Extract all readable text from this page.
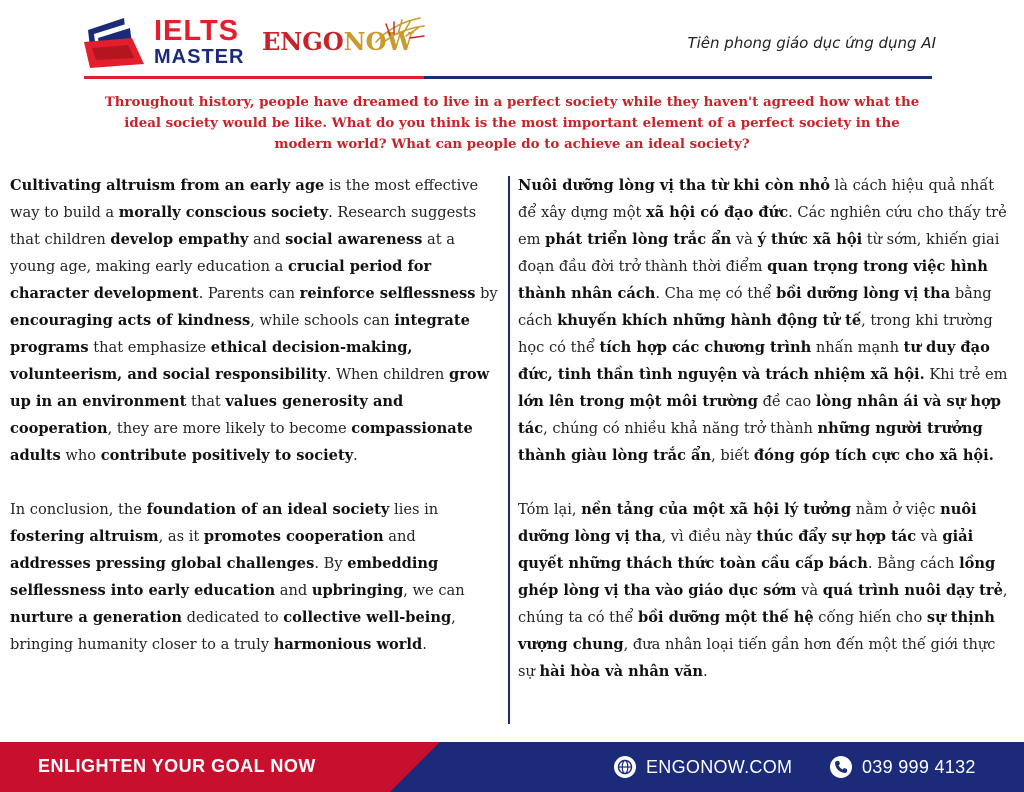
IELTS
MASTER
ENGONOW	Tiên phong giáo dục ứng dụng AI
Throughout history, people have dreamed to live in a perfect society while they haven't agreed how what the ideal society would be like. What do you think is the most important element of a perfect society in the modern world? What can people do to achieve an ideal society?

Cultivating altruism from an early age is the most effective way to build a morally conscious society. Research suggests that children develop empathy and social awareness at a young age, making early education a crucial period for character development. Parents can reinforce selflessness by encouraging acts of kindness, while schools can integrate programs that emphasize ethical decision-making, volunteerism, and social responsibility. When children grow up in an environment that values generosity and cooperation, they are more likely to become compassionate adults who contribute positively to society.

In conclusion, the foundation of an ideal society lies in fostering altruism, as it promotes cooperation and addresses pressing global challenges. By embedding selflessness into early education and upbringing, we can nurture a generation dedicated to collective well-being, bringing humanity closer to a truly harmonious world.

Nuôi dưỡng lòng vị tha từ khi còn nhỏ là cách hiệu quả nhất để xây dựng một xã hội có đạo đức. Các nghiên cứu cho thấy trẻ em phát triển lòng trắc ẩn và ý thức xã hội từ sớm, khiến giai đoạn đầu đời trở thành thời điểm quan trọng trong việc hình thành nhân cách. Cha mẹ có thể bồi dưỡng lòng vị tha bằng cách khuyến khích những hành động tử tế, trong khi trường học có thể tích hợp các chương trình nhấn mạnh tư duy đạo đức, tinh thần tình nguyện và trách nhiệm xã hội. Khi trẻ em lớn lên trong một môi trường đề cao lòng nhân ái và sự hợp tác, chúng có nhiều khả năng trở thành những người trưởng thành giàu lòng trắc ẩn, biết đóng góp tích cực cho xã hội.

Tóm lại, nền tảng của một xã hội lý tưởng nằm ở việc nuôi dưỡng lòng vị tha, vì điều này thúc đẩy sự hợp tác và giải quyết những thách thức toàn cầu cấp bách. Bằng cách lồng ghép lòng vị tha vào giáo dục sớm và quá trình nuôi dạy trẻ, chúng ta có thể bồi dưỡng một thế hệ cống hiến cho sự thịnh vượng chung, đưa nhân loại tiến gần hơn đến một thế giới thực sự hài hòa và nhân văn.

ENLIGHTEN YOUR GOAL NOW	ENGONOW.COM	039 999 4132
